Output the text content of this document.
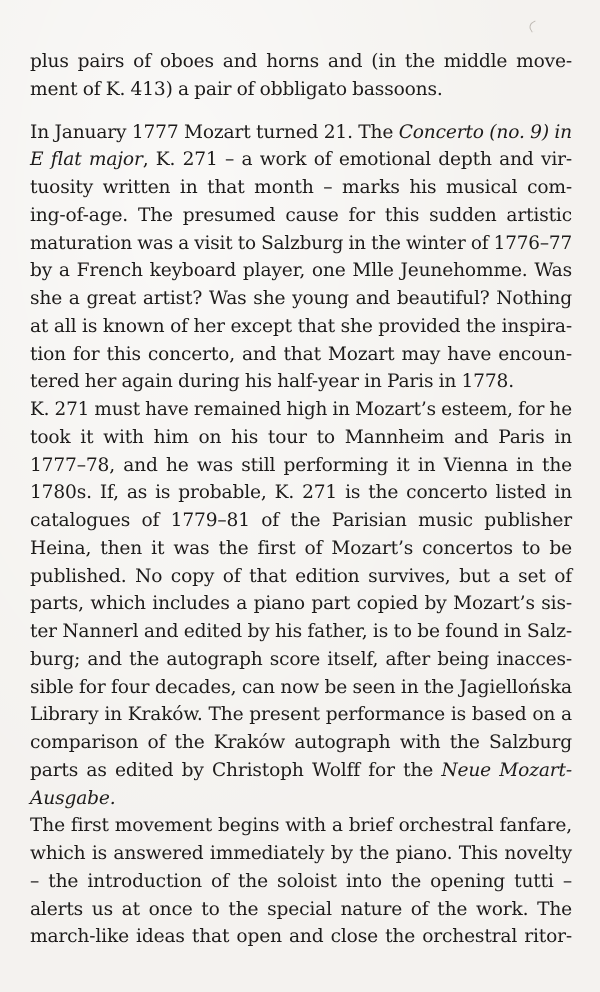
plus pairs of oboes and horns and (in the middle move-
ment of K. 413) a pair of obbligato bassoons.

In January 1777 Mozart turned 21. The Concerto (no. 9) in
E flat major, K. 271 – a work of emotional depth and vir-
tuosity written in that month – marks his musical com-
ing-of-age. The presumed cause for this sudden artistic
maturation was a visit to Salzburg in the winter of 1776–77
by a French keyboard player, one Mlle Jeunehomme. Was
she a great artist? Was she young and beautiful? Nothing
at all is known of her except that she provided the inspira-
tion for this concerto, and that Mozart may have encoun-
tered her again during his half-year in Paris in 1778.

K. 271 must have remained high in Mozart’s esteem, for he
took it with him on his tour to Mannheim and Paris in
1777–78, and he was still performing it in Vienna in the
1780s. If, as is probable, K. 271 is the concerto listed in
catalogues of 1779–81 of the Parisian music publisher
Heina, then it was the first of Mozart’s concertos to be
published. No copy of that edition survives, but a set of
parts, which includes a piano part copied by Mozart’s sis-
ter Nannerl and edited by his father, is to be found in Salz-
burg; and the autograph score itself, after being inacces-
sible for four decades, can now be seen in the Jagiellońska
Library in Kraków. The present performance is based on a
comparison of the Kraków autograph with the Salzburg
parts as edited by Christoph Wolff for the Neue Mozart-
Ausgabe.

The first movement begins with a brief orchestral fanfare,
which is answered immediately by the piano. This novelty
– the introduction of the soloist into the opening tutti –
alerts us at once to the special nature of the work. The
march-like ideas that open and close the orchestral ritor-
